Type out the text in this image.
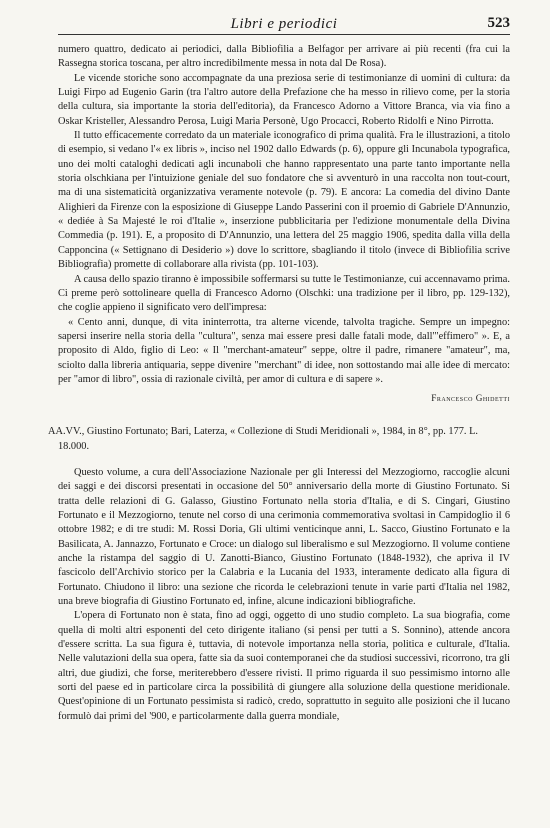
Libri e periodici	523

numero quattro, dedicato ai periodici, dalla Bibliofilia a Belfagor per arrivare ai più recenti (fra cui la Rassegna storica toscana, per altro incredibilmente messa in nota dal De Rosa).

Le vicende storiche sono accompagnate da una preziosa serie di testimonianze di uomini di cultura: da Luigi Firpo ad Eugenio Garin (tra l'altro autore della Prefazione che ha messo in rilievo come, per la storia della cultura, sia importante la storia dell'editoria), da Francesco Adorno a Vittore Branca, via via fino a Oskar Kristeller, Alessandro Perosa, Luigi Maria Personè, Ugo Procacci, Roberto Ridolfi e Nino Pirrotta.

Il tutto efficacemente corredato da un materiale iconografico di prima qualità. Fra le illustrazioni, a titolo di esempio, si vedano l'« ex libris », inciso nel 1902 dallo Edwards (p. 6), oppure gli Incunabola typografica, uno dei molti cataloghi dedicati agli incunaboli che hanno rappresentato una parte tanto importante nella storia olschkiana per l'intuizione geniale del suo fondatore che si avventurò in una raccolta non tout-court, ma di una sistematicità organizzativa veramente notevole (p. 79). E ancora: La comedia del divino Dante Alighieri da Firenze con la esposizione di Giuseppe Lando Passerini con il proemio di Gabriele D'Annunzio, « dediée à Sa Majesté le roi d'Italie », inserzione pubblicitaria per l'edizione monumentale della Divina Commedia (p. 191). E, a proposito di D'Annunzio, una lettera del 25 maggio 1906, spedita dalla villa della Capponcina (« Settignano di Desiderio ») dove lo scrittore, sbagliando il titolo (invece di Bibliofilia scrive Bibliografia) promette di collaborare alla rivista (pp. 101-103).

A causa dello spazio tiranno è impossibile soffermarsi su tutte le Testimonianze, cui accennavamo prima. Ci preme però sottolineare quella di Francesco Adorno (Olschki: una tradizione per il libro, pp. 129-132), che coglie appieno il significato vero dell'impresa:

« Cento anni, dunque, di vita ininterrotta, tra alterne vicende, talvolta tragiche. Sempre un impegno: sapersi inserire nella storia della "cultura", senza mai essere presi dalle fatali mode, dall'"effimero" ». E, a proposito di Aldo, figlio di Leo: « Il "merchant-amateur" seppe, oltre il padre, rimanere "amateur", ma, sciolto dalla libreria antiquaria, seppe divenire "merchant" di idee, non sottostando mai alle idee di mercato: per "amor di libro", ossia di razionale civiltà, per amor di cultura e di sapere ».

Francesco Ghidetti

AA.VV., Giustino Fortunato; Bari, Laterza, « Collezione di Studi Meridionali », 1984, in 8°, pp. 177. L. 18.000.

Questo volume, a cura dell'Associazione Nazionale per gli Interessi del Mezzogiorno, raccoglie alcuni dei saggi e dei discorsi presentati in occasione del 50° anniversario della morte di Giustino Fortunato. Si tratta delle relazioni di G. Galasso, Giustino Fortunato nella storia d'Italia, e di S. Cingari, Giustino Fortunato e il Mezzogiorno, tenute nel corso di una cerimonia commemorativa svoltasi in Campidoglio il 6 ottobre 1982; e di tre studi: M. Rossi Doria, Gli ultimi venticinque anni, L. Sacco, Giustino Fortunato e la Basilicata, A. Jannazzo, Fortunato e Croce: un dialogo sul liberalismo e sul Mezzogiorno. Il volume contiene anche la ristampa del saggio di U. Zanotti-Bianco, Giustino Fortunato (1848-1932), che apriva il IV fascicolo dell'Archivio storico per la Calabria e la Lucania del 1933, interamente dedicato alla figura di Fortunato. Chiudono il libro: una sezione che ricorda le celebrazioni tenute in varie parti d'Italia nel 1982, una breve biografia di Giustino Fortunato ed, infine, alcune indicazioni bibliografiche.

L'opera di Fortunato non è stata, fino ad oggi, oggetto di uno studio completo. La sua biografia, come quella di molti altri esponenti del ceto dirigente italiano (si pensi per tutti a S. Sonnino), attende ancora d'essere scritta. La sua figura è, tuttavia, di notevole importanza nella storia, politica e culturale, d'Italia. Nelle valutazioni della sua opera, fatte sia da suoi contemporanei che da studiosi successivi, ricorrono, tra gli altri, due giudizi, che forse, meriterebbero d'essere rivisti. Il primo riguarda il suo pessimismo intorno alle sorti del paese ed in particolare circa la possibilità di giungere alla soluzione della questione meridionale. Quest'opinione di un Fortunato pessimista si radicò, credo, soprattutto in seguito alle posizioni che il lucano formulò dai primi del '900, e particolarmente dalla guerra mondiale,
